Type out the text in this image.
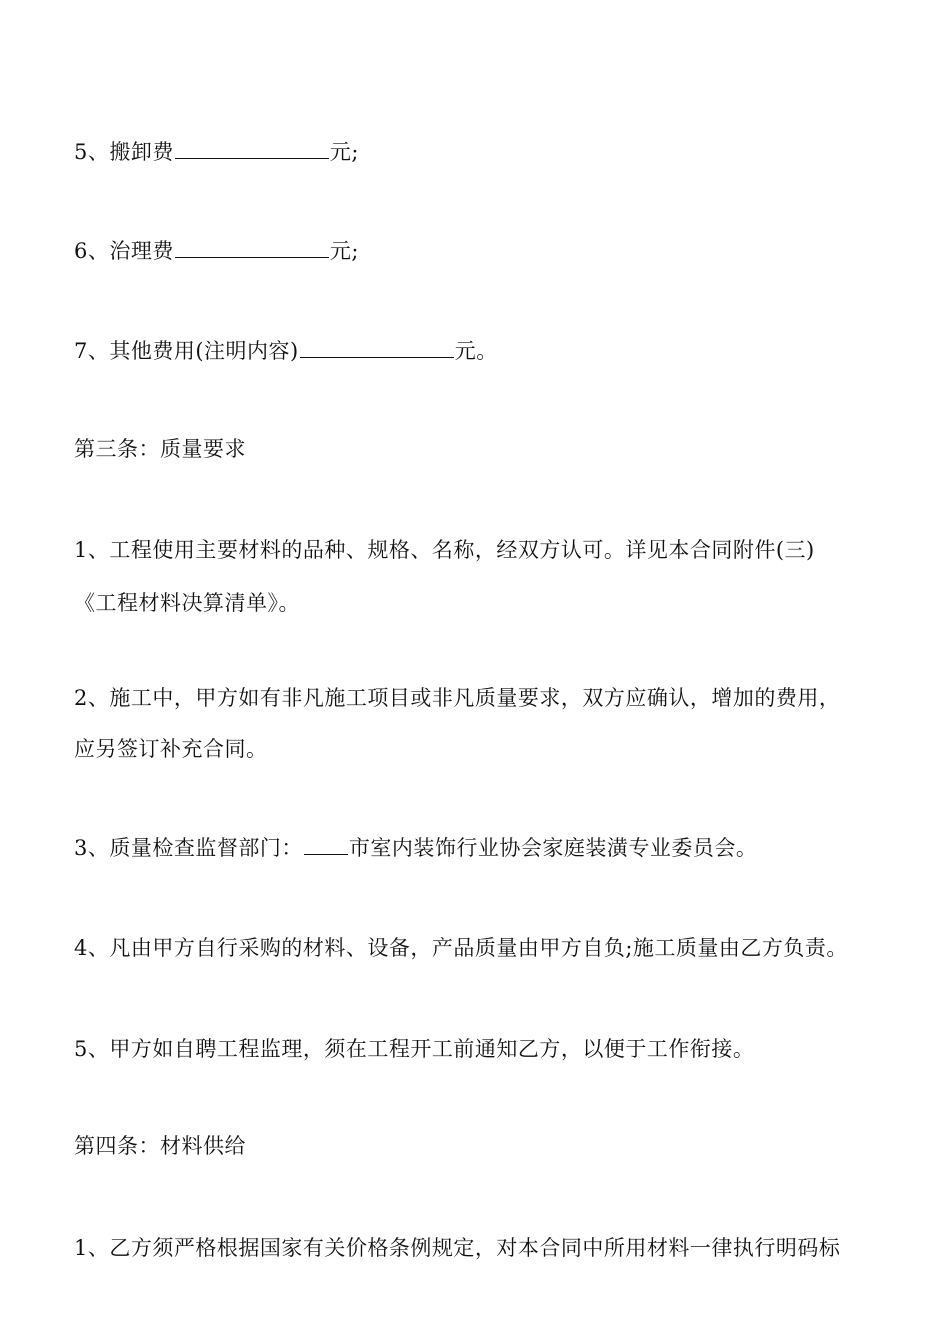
5、搬卸费	元;
6、治理费	元;
7、其他费用(注明内容)	元。
第三条：质量要求
1、工程使用主要材料的品种、规格、名称，经双方认可。详见本合同附件(三)
《工程材料决算清单》。
2、施工中，甲方如有非凡施工项目或非凡质量要求，双方应确认，增加的费用，
应另签订补充合同。
3、质量检查监督部门： 市室内装饰行业协会家庭装潢专业委员会。
4、凡由甲方自行采购的材料、设备，产品质量由甲方自负;施工质量由乙方负责。
5、甲方如自聘工程监理，须在工程开工前通知乙方，以便于工作衔接。
第四条：材料供给
1、乙方须严格根据国家有关价格条例规定，对本合同中所用材料一律执行明码标
